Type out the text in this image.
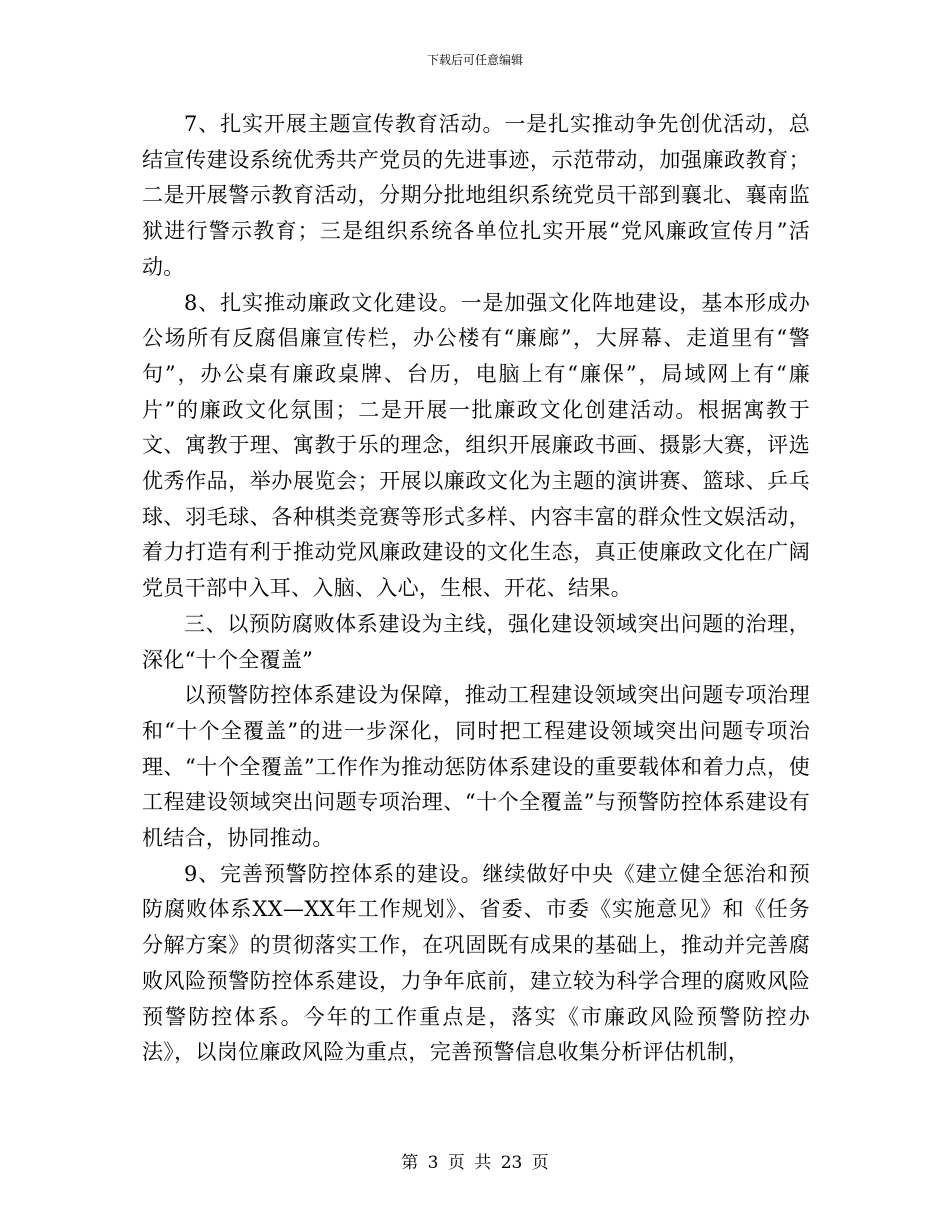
下载后可任意编辑

7、扎实开展主题宣传教育活动。一是扎实推动争先创优活动，总结宣传建设系统优秀共产党员的先进事迹，示范带动，加强廉政教育；二是开展警示教育活动，分期分批地组织系统党员干部到襄北、襄南监狱进行警示教育；三是组织系统各单位扎实开展“党风廉政宣传月”活动。

8、扎实推动廉政文化建设。一是加强文化阵地建设，基本形成办公场所有反腐倡廉宣传栏，办公楼有“廉廊”，大屏幕、走道里有“警句”，办公桌有廉政桌牌、台历，电脑上有“廉保”，局域网上有“廉片”的廉政文化氛围；二是开展一批廉政文化创建活动。根据寓教于文、寓教于理、寓教于乐的理念，组织开展廉政书画、摄影大赛，评选优秀作品，举办展览会；开展以廉政文化为主题的演讲赛、篮球、乒乓球、羽毛球、各种棋类竞赛等形式多样、内容丰富的群众性文娱活动，着力打造有利于推动党风廉政建设的文化生态，真正使廉政文化在广阔党员干部中入耳、入脑、入心，生根、开花、结果。

三、以预防腐败体系建设为主线，强化建设领域突出问题的治理，深化“十个全覆盖”

以预警防控体系建设为保障，推动工程建设领域突出问题专项治理和“十个全覆盖”的进一步深化，同时把工程建设领域突出问题专项治理、“十个全覆盖”工作作为推动惩防体系建设的重要载体和着力点，使工程建设领域突出问题专项治理、“十个全覆盖”与预警防控体系建设有机结合，协同推动。

9、完善预警防控体系的建设。继续做好中央《建立健全惩治和预防腐败体系XX—XX年工作规划》、省委、市委《实施意见》和《任务分解方案》的贯彻落实工作，在巩固既有成果的基础上，推动并完善腐败风险预警防控体系建设，力争年底前，建立较为科学合理的腐败风险预警防控体系。今年的工作重点是，落实《市廉政风险预警防控办法》，以岗位廉政风险为重点，完善预警信息收集分析评估机制，

第 3 页 共 23 页
